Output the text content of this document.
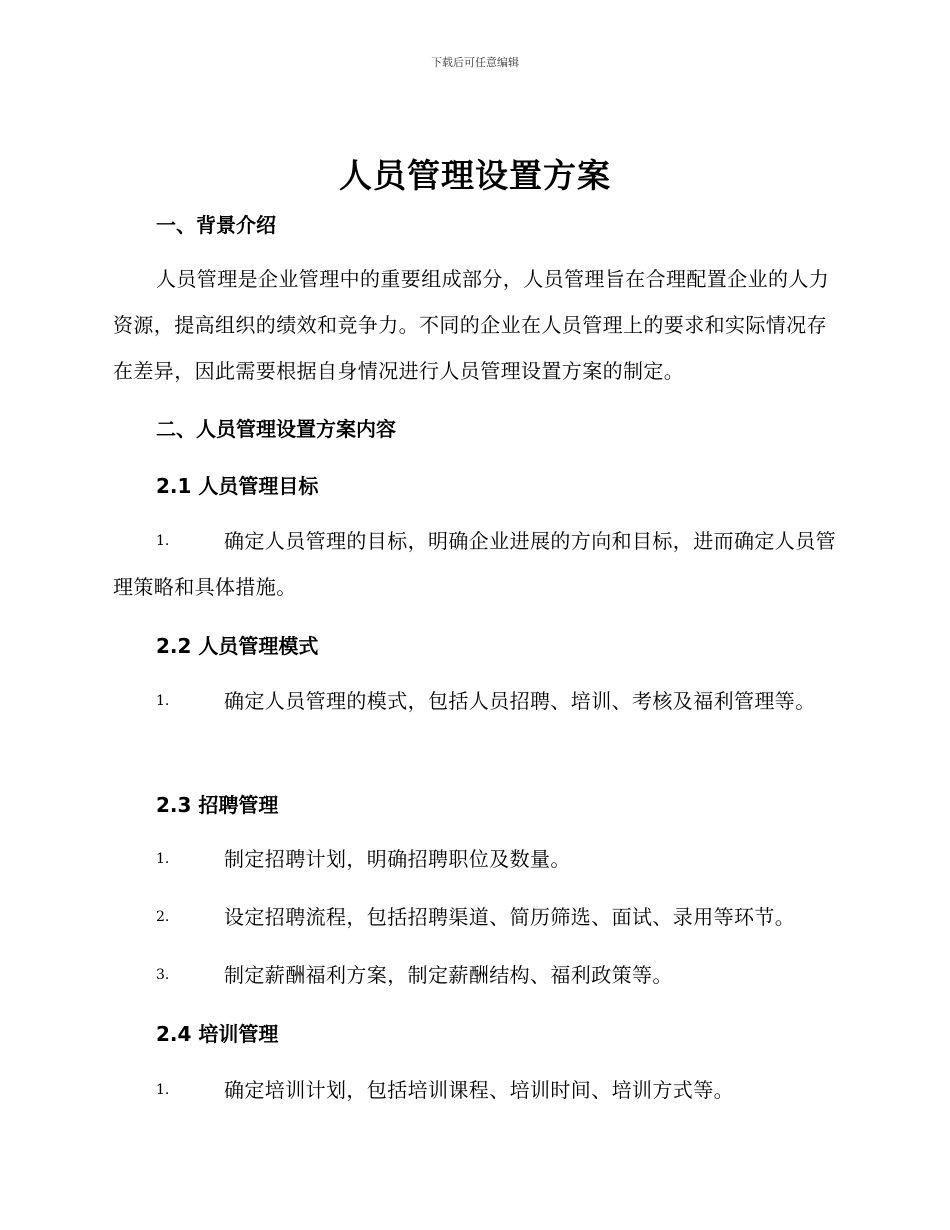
下载后可任意编辑
人员管理设置方案
一、背景介绍
人员管理是企业管理中的重要组成部分，人员管理旨在合理配置企业的人力资源，提高组织的绩效和竞争力。不同的企业在人员管理上的要求和实际情况存在差异，因此需要根据自身情况进行人员管理设置方案的制定。
二、人员管理设置方案内容
2.1 人员管理目标
1.	确定人员管理的目标，明确企业进展的方向和目标，进而确定人员管理策略和具体措施。
2.2 人员管理模式
1.	确定人员管理的模式，包括人员招聘、培训、考核及福利管理等。
2.3 招聘管理
1.	制定招聘计划，明确招聘职位及数量。
2.	设定招聘流程，包括招聘渠道、简历筛选、面试、录用等环节。
3.	制定薪酬福利方案，制定薪酬结构、福利政策等。
2.4 培训管理
1.	确定培训计划，包括培训课程、培训时间、培训方式等。
